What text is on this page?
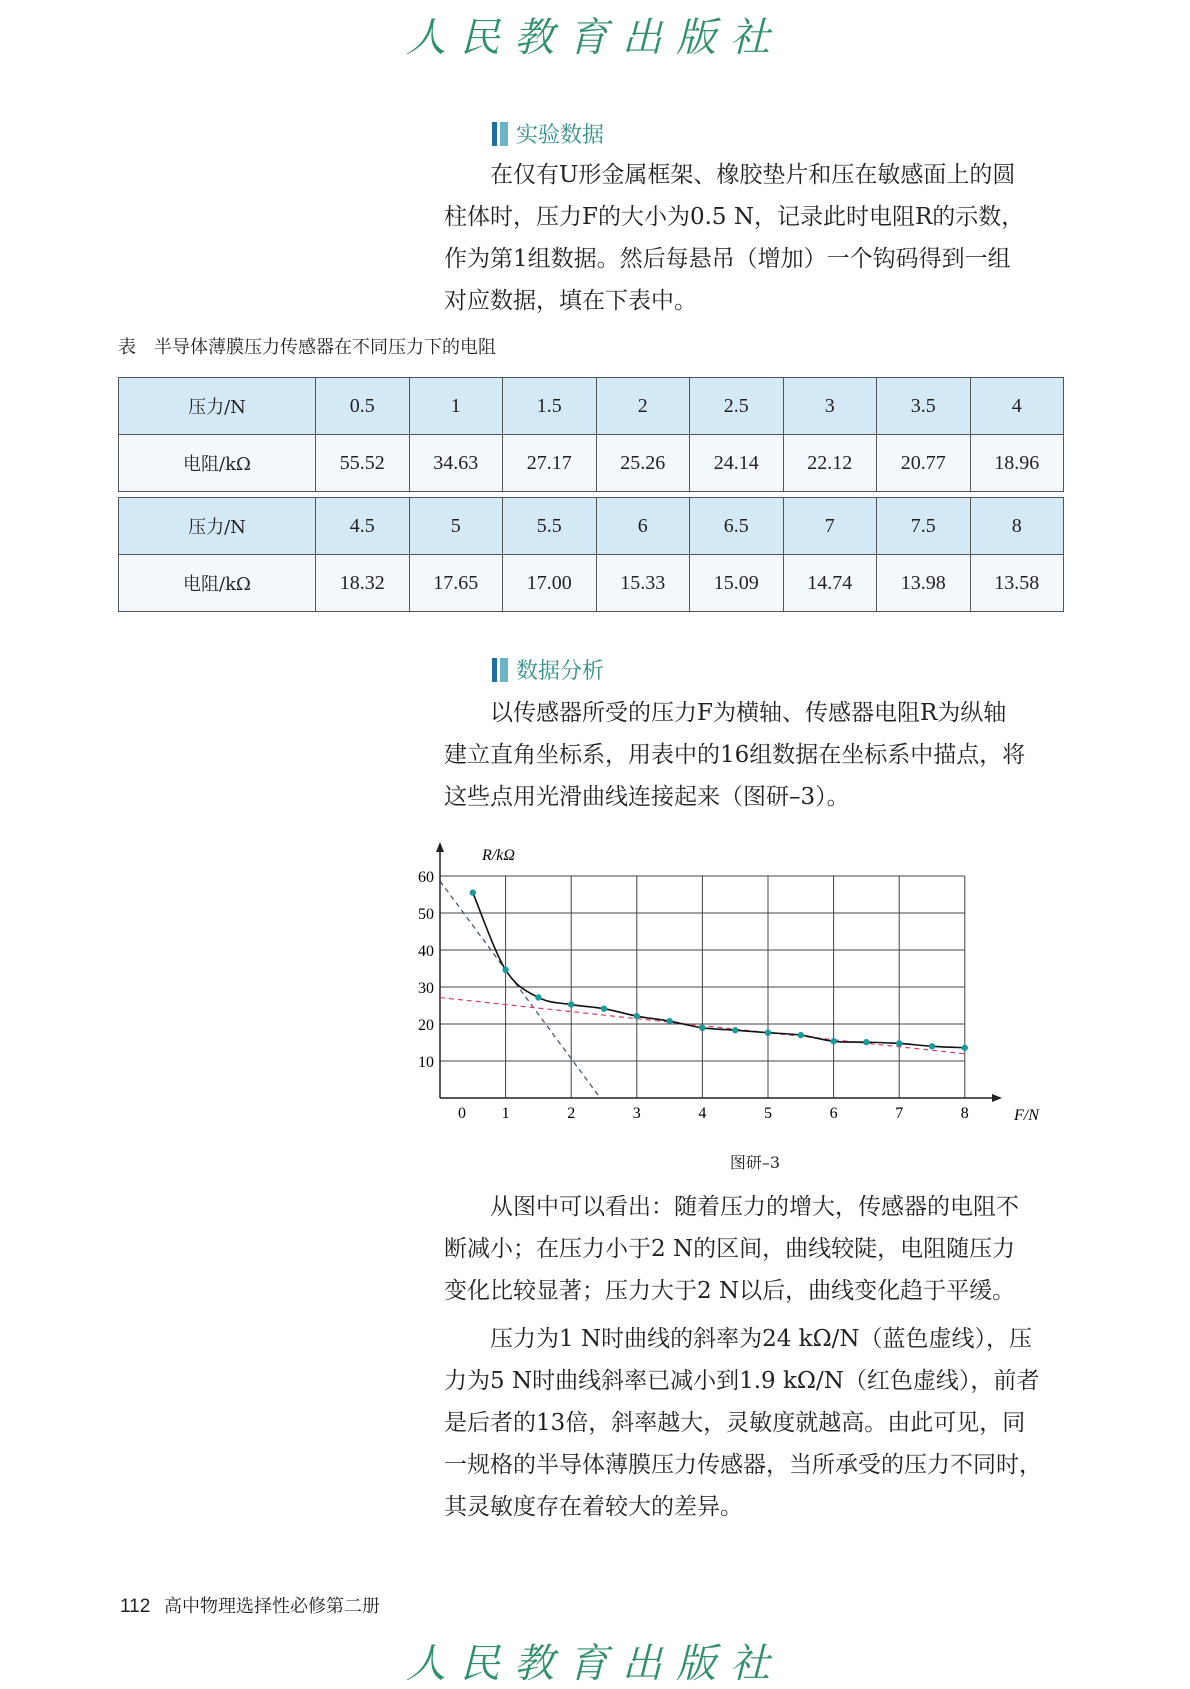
人民教育出版社
实验数据
在仅有U形金属框架、橡胶垫片和压在敏感面上的圆
柱体时，压力F的大小为0.5 N，记录此时电阻R的示数，
作为第1组数据。然后每悬吊（增加）一个钩码得到一组
对应数据，填在下表中。
表　半导体薄膜压力传感器在不同压力下的电阻
压力/N	0.5	1	1.5	2	2.5	3	3.5	4
电阻/kΩ	55.52	34.63	27.17	25.26	24.14	22.12	20.77	18.96
压力/N	4.5	5	5.5	6	6.5	7	7.5	8
电阻/kΩ	18.32	17.65	17.00	15.33	15.09	14.74	13.98	13.58
数据分析
以传感器所受的压力F为横轴、传感器电阻R为纵轴
建立直角坐标系，用表中的16组数据在坐标系中描点，将
这些点用光滑曲线连接起来（图研–3）。
1	2	3	4	5	6	7	8
10
20
30
40
50
60
R/kΩ
F/N
0
图研–3
从图中可以看出：随着压力的增大，传感器的电阻不
断减小；在压力小于2 N的区间，曲线较陡，电阻随压力
变化比较显著；压力大于2 N以后，曲线变化趋于平缓。
压力为1 N时曲线的斜率为24 kΩ/N（蓝色虚线），压
力为5 N时曲线斜率已减小到1.9 kΩ/N（红色虚线），前者
是后者的13倍，斜率越大，灵敏度就越高。由此可见，同
一规格的半导体薄膜压力传感器，当所承受的压力不同时，
其灵敏度存在着较大的差异。
112 高中物理选择性必修第二册
人民教育出版社
